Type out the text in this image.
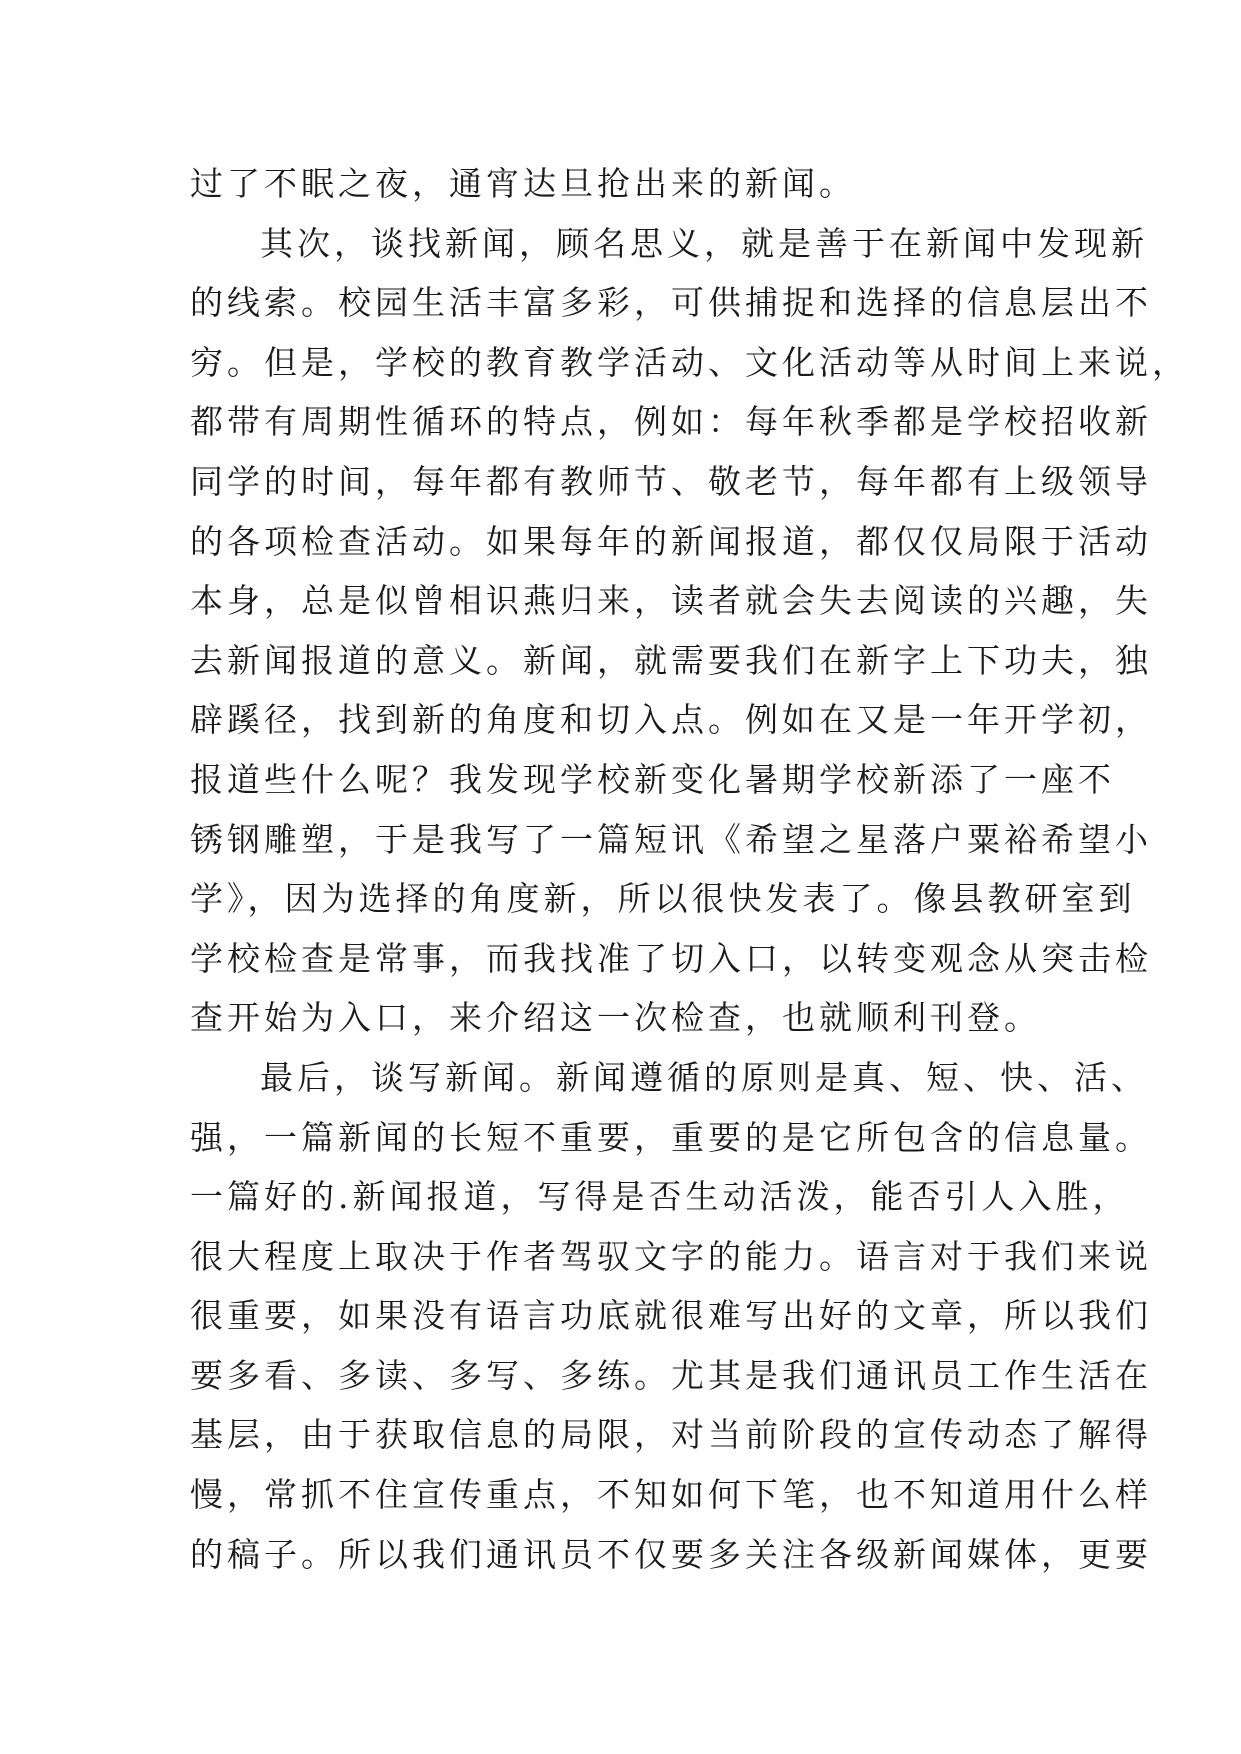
过了不眠之夜，通宵达旦抢出来的新闻。
其次，谈找新闻，顾名思义，就是善于在新闻中发现新
的线索。校园生活丰富多彩，可供捕捉和选择的信息层出不
穷。但是，学校的教育教学活动、文化活动等从时间上来说，
都带有周期性循环的特点，例如：每年秋季都是学校招收新
同学的时间，每年都有教师节、敬老节，每年都有上级领导
的各项检查活动。如果每年的新闻报道，都仅仅局限于活动
本身，总是似曾相识燕归来，读者就会失去阅读的兴趣，失
去新闻报道的意义。新闻，就需要我们在新字上下功夫，独
辟蹊径，找到新的角度和切入点。例如在又是一年开学初，
报道些什么呢？我发现学校新变化暑期学校新添了一座不
锈钢雕塑，于是我写了一篇短讯《希望之星落户粟裕希望小
学》，因为选择的角度新，所以很快发表了。像县教研室到
学校检查是常事，而我找准了切入口，以转变观念从突击检
查开始为入口，来介绍这一次检查，也就顺利刊登。
最后，谈写新闻。新闻遵循的原则是真、短、快、活、
强，一篇新闻的长短不重要，重要的是它所包含的信息量。
一篇好的.新闻报道，写得是否生动活泼，能否引人入胜，
很大程度上取决于作者驾驭文字的能力。语言对于我们来说
很重要，如果没有语言功底就很难写出好的文章，所以我们
要多看、多读、多写、多练。尤其是我们通讯员工作生活在
基层，由于获取信息的局限，对当前阶段的宣传动态了解得
慢，常抓不住宣传重点，不知如何下笔，也不知道用什么样
的稿子。所以我们通讯员不仅要多关注各级新闻媒体，更要
